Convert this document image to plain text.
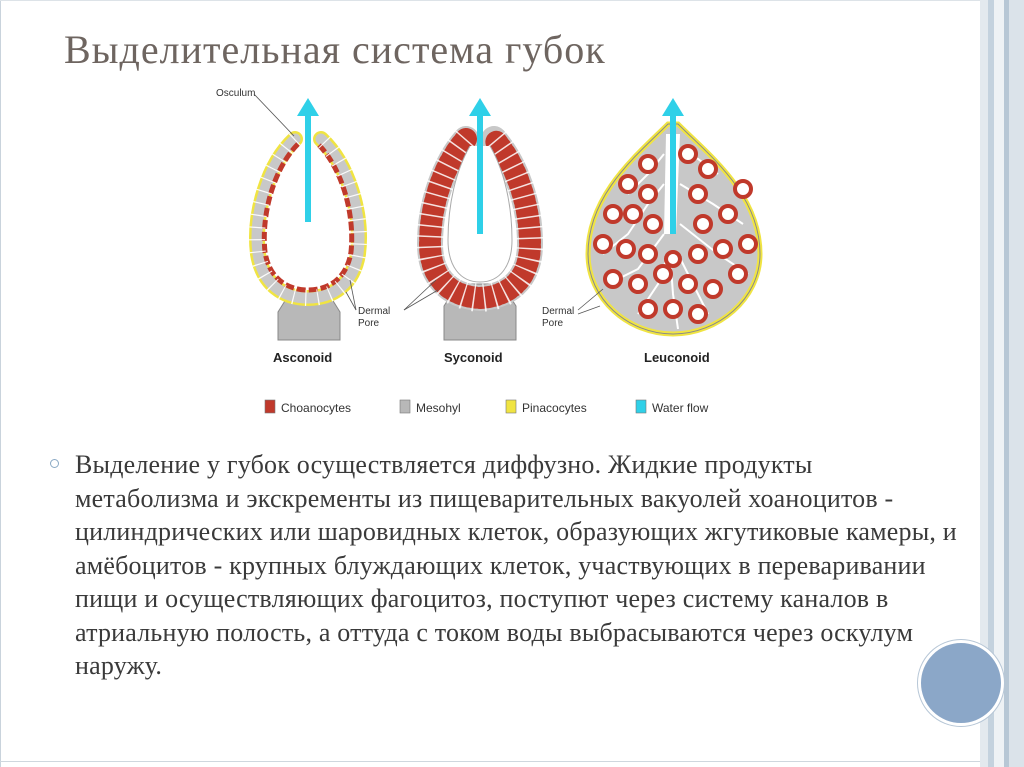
Выделительная система губок
Osculum
Dermal
Pore
Asconoid	Syconoid
Dermal
Pore
Leuconoid
Choanocytes	Mesohyl	Pinacocytes	Water flow

Выделение у губок осуществляется диффузно. Жидкие продукты метаболизма и экскременты из пищеварительных вакуолей хоаноцитов - цилиндрических или шаровидных клеток, образующих жгутиковые камеры, и амёбоцитов - крупных блуждающих клеток, участвующих в переваривании пищи и осуществляющих фагоцитоз, поступют через систему каналов в атриальную полость, а оттуда с током воды выбрасываются через оскулум наружу.
